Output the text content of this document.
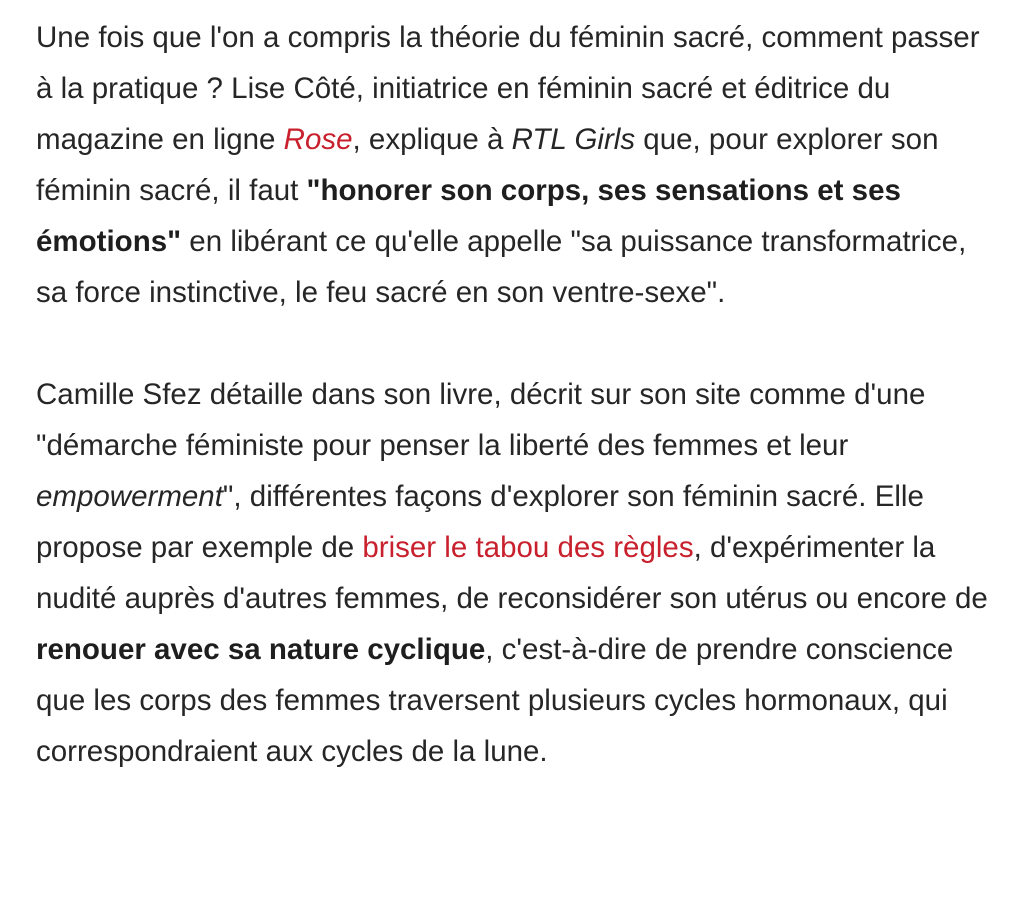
Une fois que l'on a compris la théorie du féminin sacré, comment passer à la pratique ? Lise Côté, initiatrice en féminin sacré et éditrice du magazine en ligne Rose, explique à RTL Girls que, pour explorer son féminin sacré, il faut "honorer son corps, ses sensations et ses émotions" en libérant ce qu'elle appelle "sa puissance transformatrice, sa force instinctive, le feu sacré en son ventre-sexe".

Camille Sfez détaille dans son livre, décrit sur son site comme d'une "démarche féministe pour penser la liberté des femmes et leur empowerment", différentes façons d'explorer son féminin sacré. Elle propose par exemple de briser le tabou des règles, d'expérimenter la nudité auprès d'autres femmes, de reconsidérer son utérus ou encore de renouer avec sa nature cyclique, c'est-à-dire de prendre conscience que les corps des femmes traversent plusieurs cycles hormonaux, qui correspondraient aux cycles de la lune.
